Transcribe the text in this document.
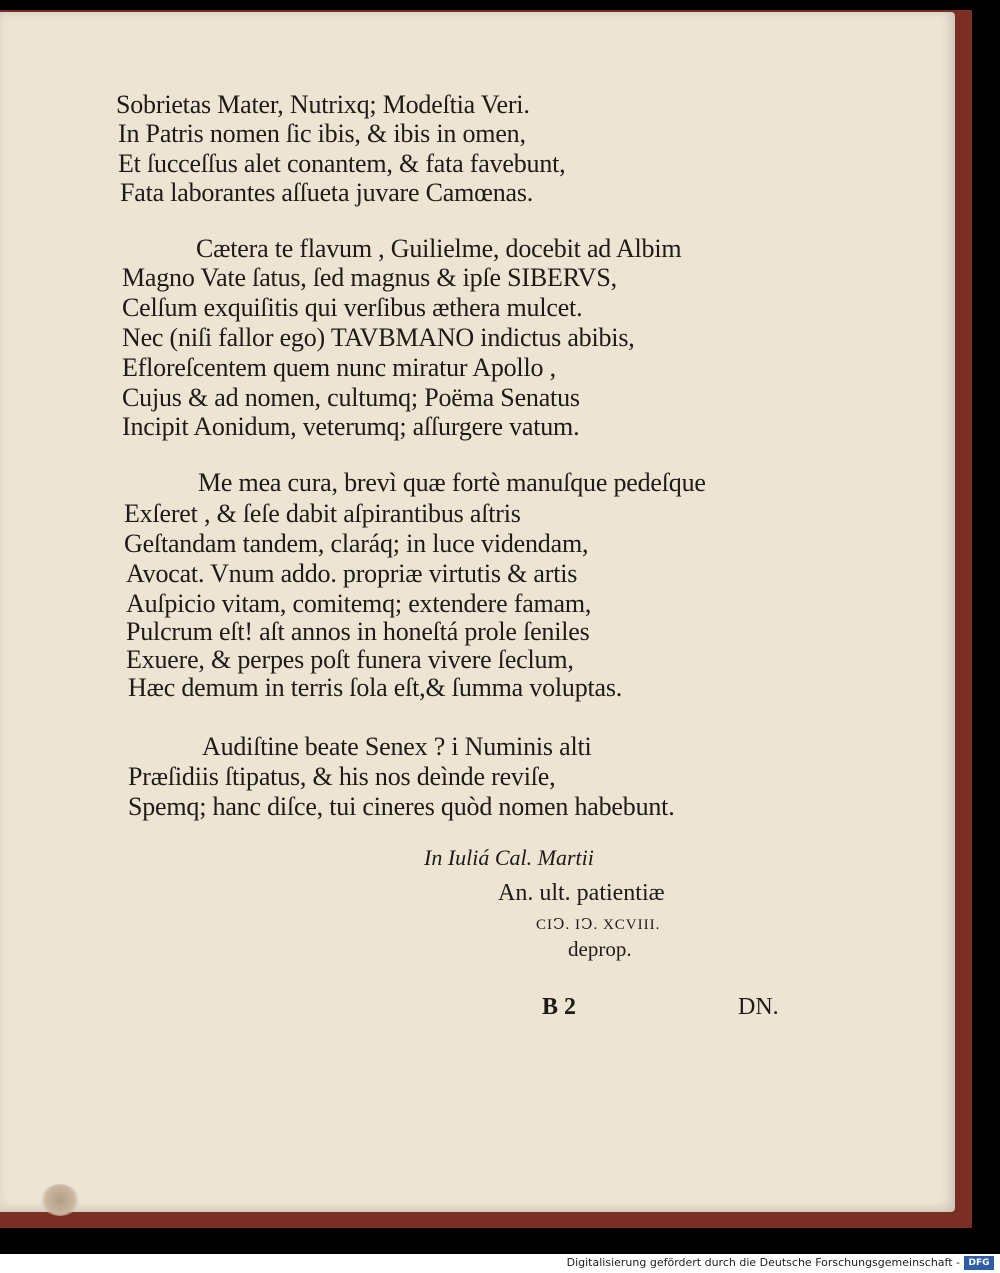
Sobrietas Mater, Nutrixq; Modeſtia Veri.
In Patris nomen ſic ibis, & ibis in omen,
Et ſucceſſus alet conantem, & fata favebunt,
Fata laborantes aſſueta juvare Camœnas.
Cætera te flavum , Guilielme, docebit ad Albim
Magno Vate ſatus, ſed magnus & ipſe SIBERVS,
Celſum exquiſitis qui verſibus æthera mulcet.
Nec (niſi fallor ego) TAVBMANO indictus abibis,
Efloreſcentem quem nunc miratur Apollo ,
Cujus & ad nomen, cultumq; Poëma Senatus
Incipit Aonidum, veterumq; aſſurgere vatum.
Me mea cura, brevì quæ fortè manuſque pedeſque
Exſeret , & ſeſe dabit aſpirantibus aſtris
Geſtandam tandem, claráq; in luce videndam,
Avocat. Vnum addo. propriæ virtutis & artis
Auſpicio vitam, comitemq; extendere famam,
Pulcrum eſt! aſt annos in honeſtá prole ſeniles
Exuere, & perpes poſt funera vivere ſeclum,
Hæc demum in terris ſola eſt,& ſumma voluptas.
Audiſtine beate Senex ? i Numinis alti
Præſidiis ſtipatus, & his nos deìnde reviſe,
Spemq; hanc diſce, tui cineres quòd nomen habebunt.
In Iuliá Cal. Martii
An. ult. patientiæ
CIↃ. IↃ. XCVIII.
deprop.
B 2	DN.
Digitalisierung gefördert durch die Deutsche Forschungsgemeinschaft - DFG
